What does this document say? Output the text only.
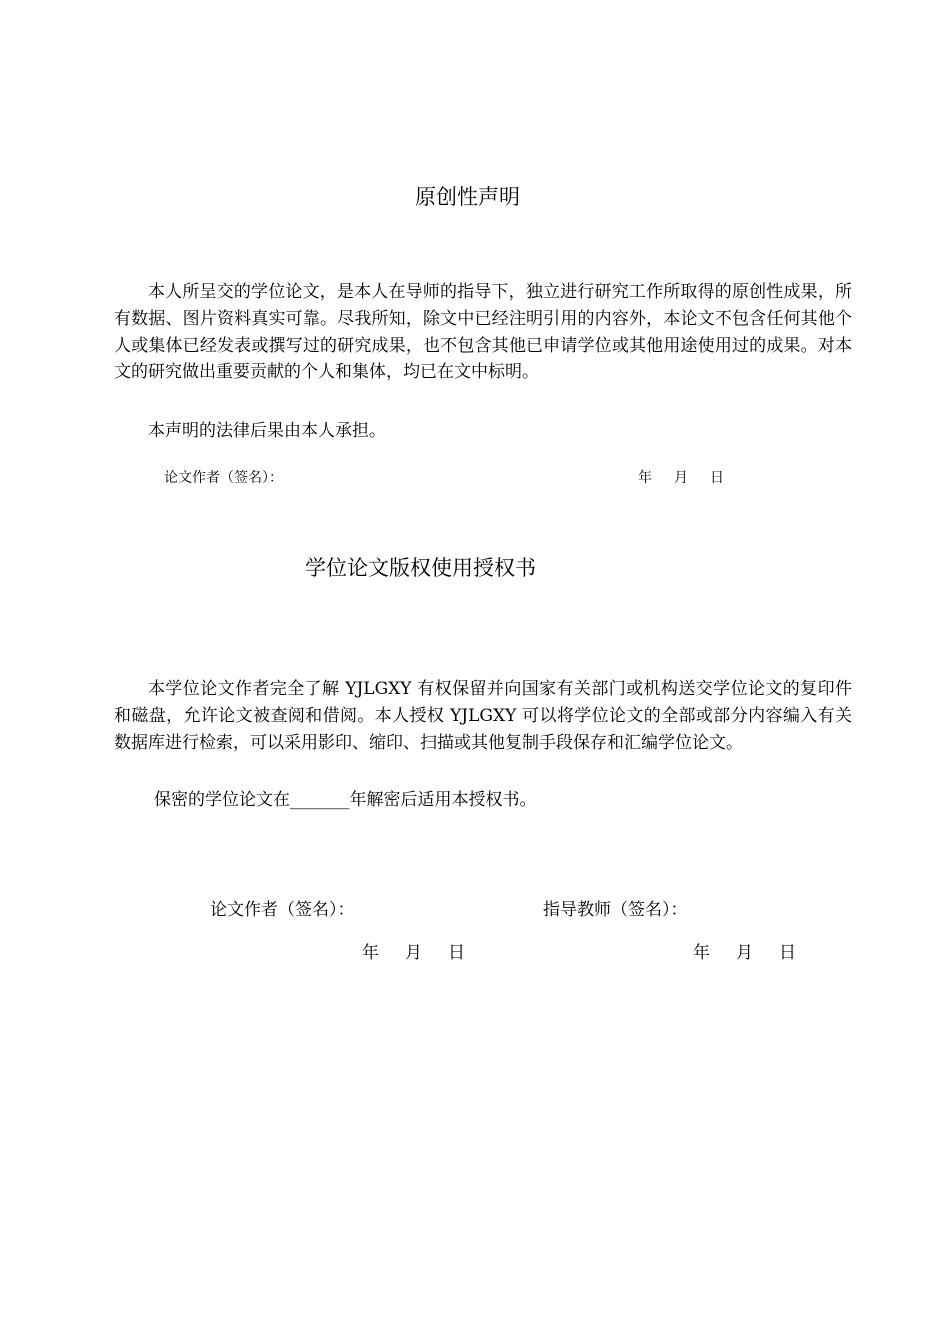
原创性声明

本人所呈交的学位论文，是本人在导师的指导下，独立进行研究工作所取得的原创性成果，所有数据、图片资料真实可靠。尽我所知，除文中已经注明引用的内容外，本论文不包含任何其他个人或集体已经发表或撰写过的研究成果，也不包含其他已申请学位或其他用途使用过的成果。对本文的研究做出重要贡献的个人和集体，均已在文中标明。

本声明的法律后果由本人承担。
论文作者（签名）：	年 月 日
学位论文版权使用授权书

本学位论文作者完全了解 YJLGXY 有权保留并向国家有关部门或机构送交学位论文的复印件和磁盘，允许论文被查阅和借阅。本人授权 YJLGXY 可以将学位论文的全部或部分内容编入有关数据库进行检索，可以采用影印、缩印、扫描或其他复制手段保存和汇编学位论文。

保密的学位论文在_______年解密后适用本授权书。
论文作者（签名）：	指导教师（签名）：
年 月 日	年 月 日
